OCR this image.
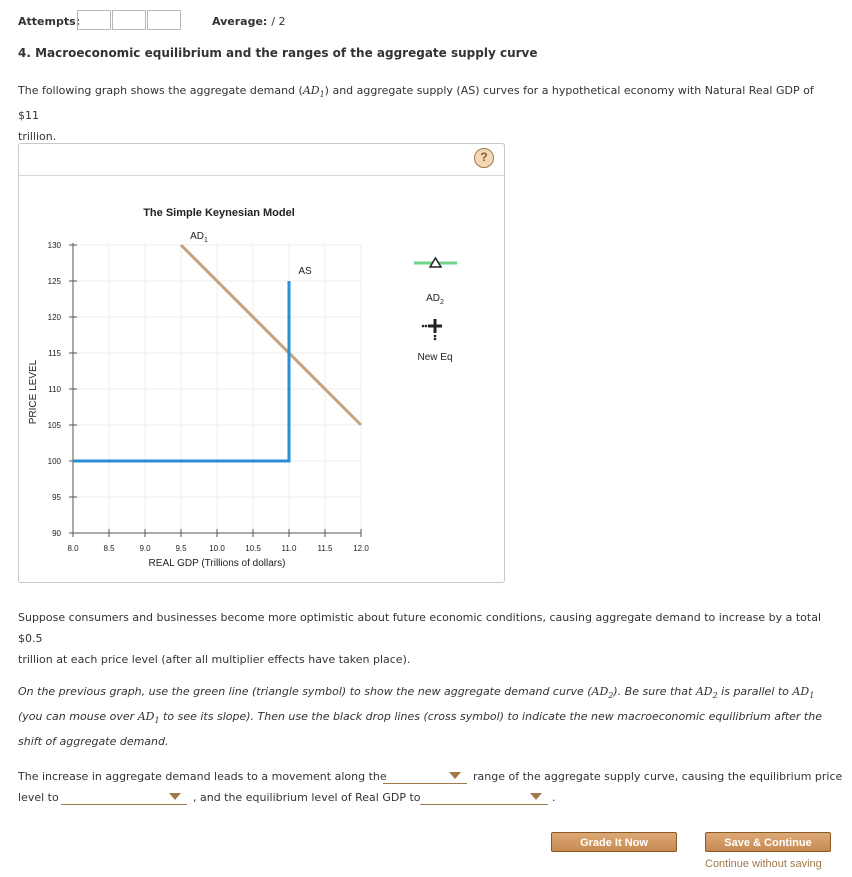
Attempts:	Average: / 2
4. Macroeconomic equilibrium and the ranges of the aggregate supply curve
The following graph shows the aggregate demand $(AD_1)$ and aggregate supply (AS) curves for a hypothetical economy with Natural Real GDP of $11
trillion.
?
90
95
100
105
110
115
120
125
130
8.0	8.5	9.0	9.5	10.0	10.5	11.0	11.5	12.0
The Simple Keynesian Model
REAL GDP (Trillions of dollars)
PRICE LEVEL
$AD_1$
AS
$AD_2$
New Eq
Suppose consumers and businesses become more optimistic about future economic conditions, causing aggregate demand to increase by a total $0.5
trillion at each price level (after all multiplier effects have taken place).
On the previous graph, use the green line (triangle symbol) to show the new aggregate demand curve $(AD_2)$. Be sure that $AD_2$ is parallel to $AD_1$
(you can mouse over $AD_1$ to see its slope). Then use the black drop lines (cross symbol) to indicate the new macroeconomic equilibrium after the
shift of aggregate demand.
The increase in aggregate demand leads to a movement along the	range of the aggregate supply curve, causing the equilibrium price
level to	, and the equilibrium level of Real GDP to	.
Grade It Now	Save & Continue
Continue without saving
